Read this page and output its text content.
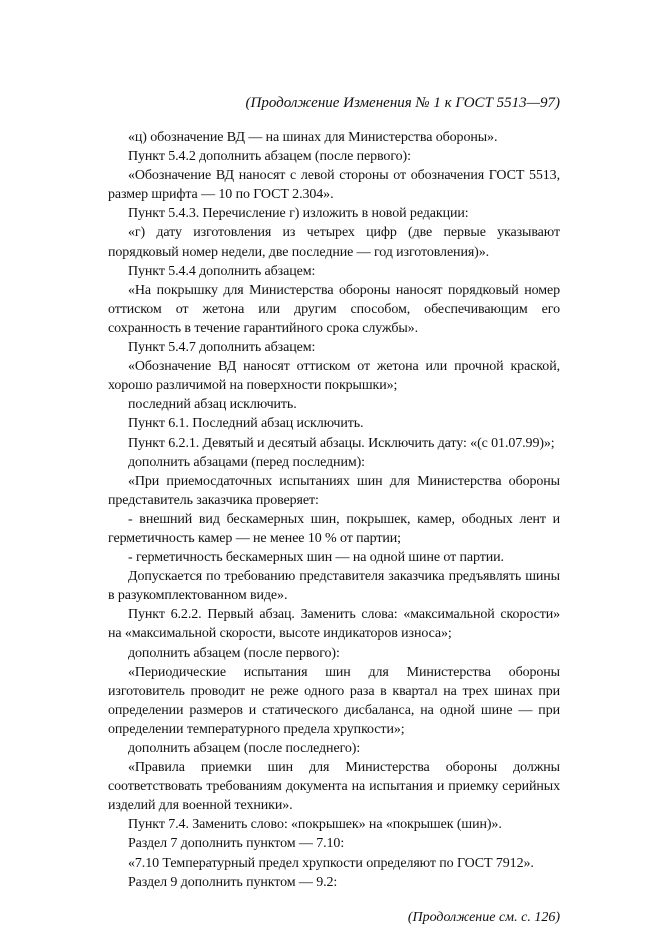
(Продолжение Изменения № 1 к ГОСТ 5513—97)

«ц) обозначение ВД — на шинах для Министерства обороны».

Пункт 5.4.2 дополнить абзацем (после первого):

«Обозначение ВД наносят с левой стороны от обозначения ГОСТ 5513, размер шрифта — 10 по ГОСТ 2.304».

Пункт 5.4.3. Перечисление г) изложить в новой редакции:

«г) дату изготовления из четырех цифр (две первые указывают порядковый номер недели, две последние — год изготовления)».

Пункт 5.4.4 дополнить абзацем:

«На покрышку для Министерства обороны наносят порядковый номер оттиском от жетона или другим способом, обеспечивающим его сохранность в течение гарантийного срока службы».

Пункт 5.4.7 дополнить абзацем:

«Обозначение ВД наносят оттиском от жетона или прочной краской, хорошо различимой на поверхности покрышки»;

последний абзац исключить.

Пункт 6.1. Последний абзац исключить.

Пункт 6.2.1. Девятый и десятый абзацы. Исключить дату: «(с 01.07.99)»;

дополнить абзацами (перед последним):

«При приемосдаточных испытаниях шин для Министерства обороны представитель заказчика проверяет:

- внешний вид бескамерных шин, покрышек, камер, ободных лент и герметичность камер — не менее 10 % от партии;

- герметичность бескамерных шин — на одной шине от партии.

Допускается по требованию представителя заказчика предъявлять шины в разукомплектованном виде».

Пункт 6.2.2. Первый абзац. Заменить слова: «максимальной скорости» на «максимальной скорости, высоте индикаторов износа»;

дополнить абзацем (после первого):

«Периодические испытания шин для Министерства обороны изготовитель проводит не реже одного раза в квартал на трех шинах при определении размеров и статического дисбаланса, на одной шине — при определении температурного предела хрупкости»;

дополнить абзацем (после последнего):

«Правила приемки шин для Министерства обороны должны соответствовать требованиям документа на испытания и приемку серийных изделий для военной техники».

Пункт 7.4. Заменить слово: «покрышек» на «покрышек (шин)».

Раздел 7 дополнить пунктом — 7.10:

«7.10 Температурный предел хрупкости определяют по ГОСТ 7912».

Раздел 9 дополнить пунктом — 9.2:

(Продолжение см. с. 126)
